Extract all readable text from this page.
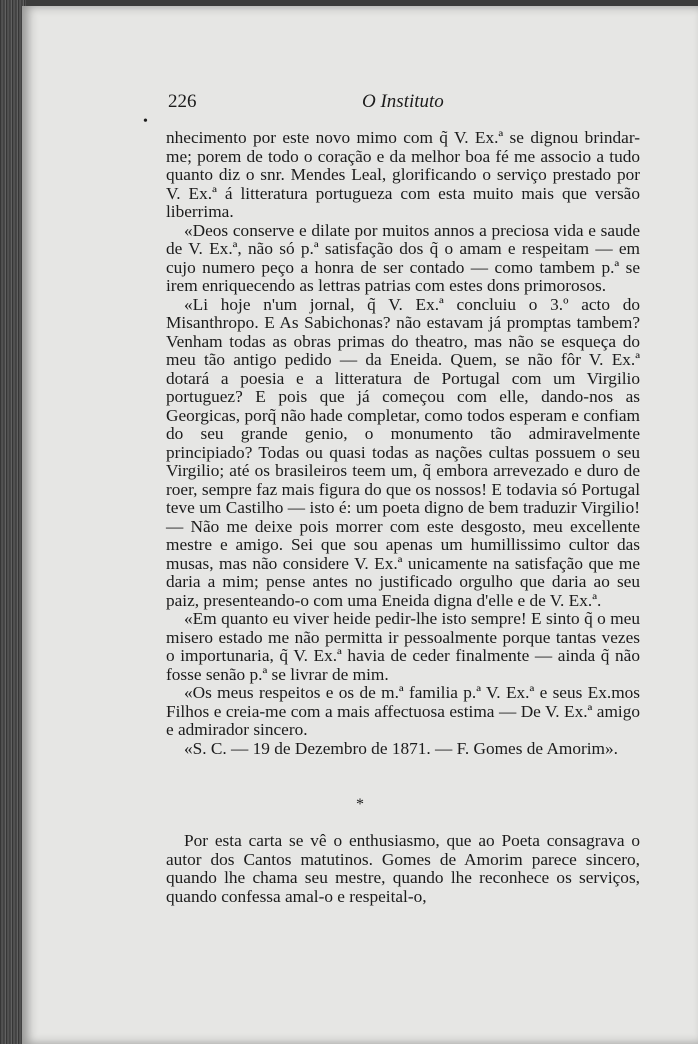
226	O Instituto
•

nhecimento por este novo mimo com q̃ V. Ex.ª se dignou brindar-me; porem de todo o coração e da melhor boa fé me associo a tudo quanto diz o snr. Mendes Leal, glorificando o serviço prestado por V. Ex.ª á litteratura portugueza com esta muito mais que versão liberrima.

«Deos conserve e dilate por muitos annos a preciosa vida e saude de V. Ex.ª, não só p.ª satisfação dos q̃ o amam e respeitam — em cujo numero peço a honra de ser contado — como tambem p.ª se irem enriquecendo as lettras patrias com estes dons primorosos.

«Li hoje n'um jornal, q̃ V. Ex.ª concluiu o 3.º acto do Misanthropo. E As Sabichonas? não estavam já promptas tambem? Venham todas as obras primas do theatro, mas não se esqueça do meu tão antigo pedido — da Eneida. Quem, se não fôr V. Ex.ª dotará a poesia e a litteratura de Portugal com um Virgilio portuguez? E pois que já começou com elle, dando-nos as Georgicas, porq̃ não hade completar, como todos esperam e confiam do seu grande genio, o monumento tão admiravelmente principiado? Todas ou quasi todas as nações cultas possuem o seu Virgilio; até os brasileiros teem um, q̃ embora arrevezado e duro de roer, sempre faz mais figura do que os nossos! E todavia só Portugal teve um Castilho — isto é: um poeta digno de bem traduzir Virgilio! — Não me deixe pois morrer com este desgosto, meu excellente mestre e amigo. Sei que sou apenas um humillissimo cultor das musas, mas não considere V. Ex.ª unicamente na satisfação que me daria a mim; pense antes no justificado orgulho que daria ao seu paiz, presenteando-o com uma Eneida digna d'elle e de V. Ex.ª.

«Em quanto eu viver heide pedir-lhe isto sempre! E sinto q̃ o meu misero estado me não permitta ir pessoalmente porque tantas vezes o importunaria, q̃ V. Ex.ª havia de ceder finalmente — ainda q̃ não fosse senão p.ª se livrar de mim.

«Os meus respeitos e os de m.ª familia p.ª V. Ex.ª e seus Ex.mos Filhos e creia-me com a mais affectuosa estima — De V. Ex.ª amigo e admirador sincero.

«S. C. — 19 de Dezembro de 1871. — F. Gomes de Amorim».

*

Por esta carta se vê o enthusiasmo, que ao Poeta consagrava o autor dos Cantos matutinos. Gomes de Amorim parece sincero, quando lhe chama seu mestre, quando lhe reconhece os serviços, quando confessa amal-o e respeital-o,
